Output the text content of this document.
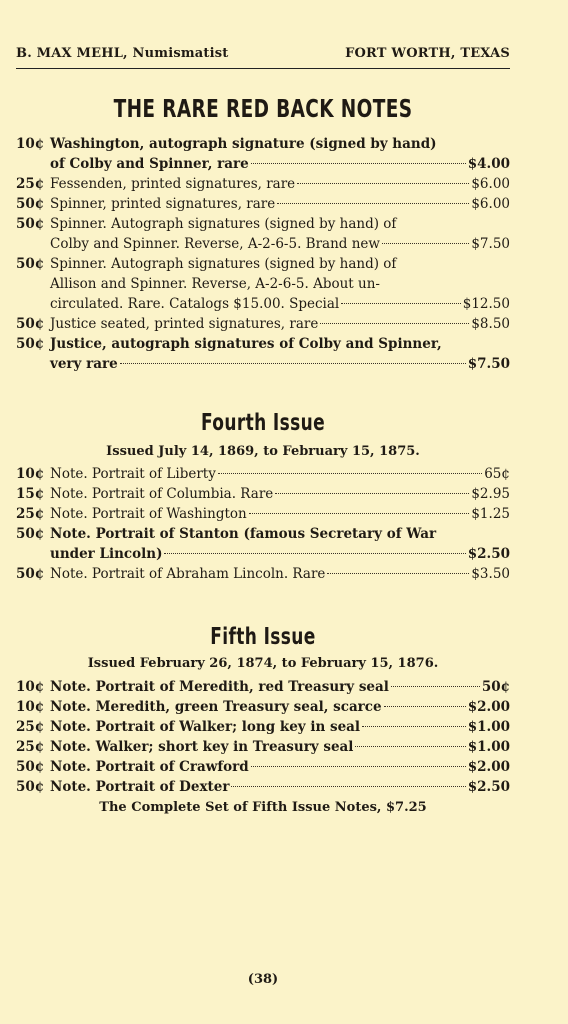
B. MAX MEHL, Numismatist	FORT WORTH, TEXAS
THE RARE RED BACK NOTES
10¢ Washington, autograph signature (signed by hand)
of Colby and Spinner, rare	$4.00
25¢ Fessenden, printed signatures, rare	$6.00
50¢ Spinner, printed signatures, rare	$6.00
50¢ Spinner. Autograph signatures (signed by hand) of
Colby and Spinner. Reverse, A-2-6-5. Brand new	$7.50
50¢ Spinner. Autograph signatures (signed by hand) of
Allison and Spinner. Reverse, A-2-6-5. About un-
circulated. Rare. Catalogs $15.00. Special	$12.50
50¢ Justice seated, printed signatures, rare	$8.50
50¢ Justice, autograph signatures of Colby and Spinner,
very rare	$7.50
Fourth Issue
Issued July 14, 1869, to February 15, 1875.
10¢ Note. Portrait of Liberty	65¢
15¢ Note. Portrait of Columbia. Rare	$2.95
25¢ Note. Portrait of Washington	$1.25
50¢ Note. Portrait of Stanton (famous Secretary of War
under Lincoln)	$2.50
50¢ Note. Portrait of Abraham Lincoln. Rare	$3.50
Fifth Issue
Issued February 26, 1874, to February 15, 1876.
10¢ Note. Portrait of Meredith, red Treasury seal	50¢
10¢ Note. Meredith, green Treasury seal, scarce	$2.00
25¢ Note. Portrait of Walker; long key in seal	$1.00
25¢ Note. Walker; short key in Treasury seal	$1.00
50¢ Note. Portrait of Crawford	$2.00
50¢ Note. Portrait of Dexter	$2.50
The Complete Set of Fifth Issue Notes, $7.25
(38)
